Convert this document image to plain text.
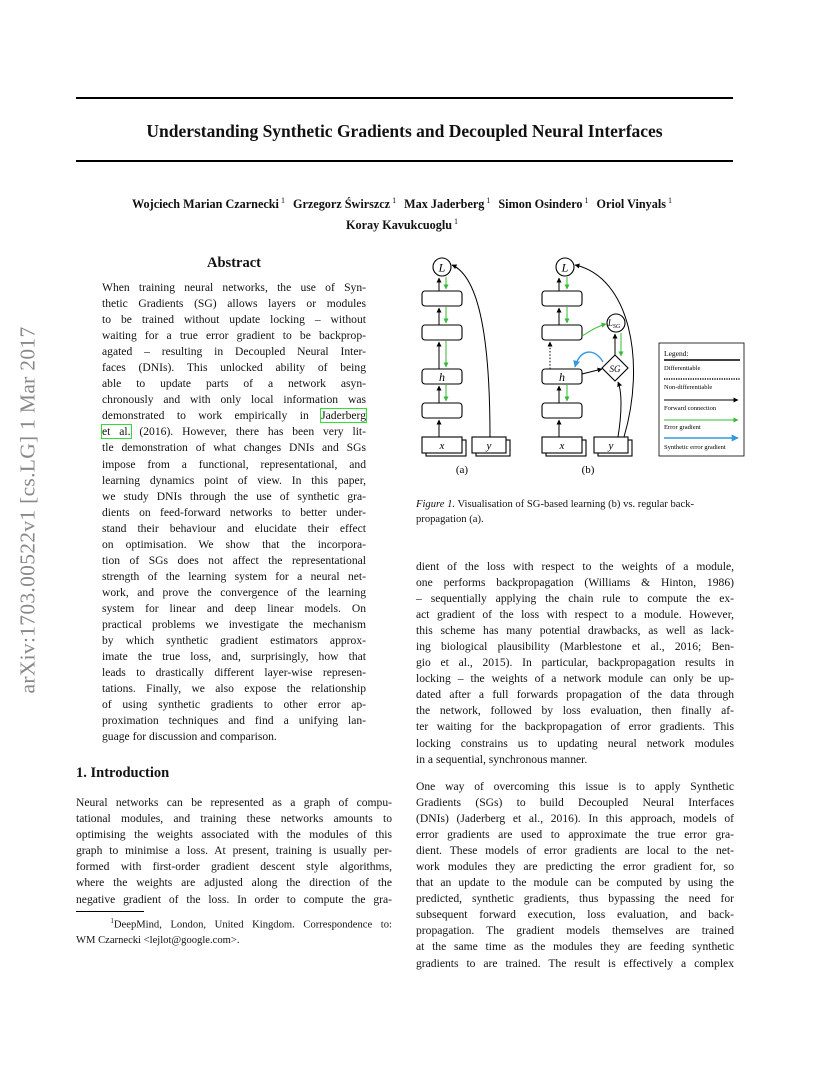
Understanding Synthetic Gradients and Decoupled Neural Interfaces
Wojciech Marian Czarnecki $^1$ Grzegorz Świrszcz $^1$ Max Jaderberg $^1$ Simon Osindero $^1$ Oriol Vinyals $^1$
Koray Kavukcuoglu $^1$
arXiv:1703.00522v1 [cs.LG] 1 Mar 2017
Abstract
When training neural networks, the use of Syn-
thetic Gradients (SG) allows layers or modules
to be trained without update locking – without
waiting for a true error gradient to be backprop-
agated – resulting in Decoupled Neural Inter-
faces (DNIs). This unlocked ability of being
able to update parts of a network asyn-
chronously and with only local information was
demonstrated to work empirically in Jaderberg
et al. (2016). However, there has been very lit-
tle demonstration of what changes DNIs and SGs
impose from a functional, representational, and
learning dynamics point of view. In this paper,
we study DNIs through the use of synthetic gra-
dients on feed-forward networks to better under-
stand their behaviour and elucidate their effect
on optimisation. We show that the incorpora-
tion of SGs does not affect the representational
strength of the learning system for a neural net-
work, and prove the convergence of the learning
system for linear and deep linear models. On
practical problems we investigate the mechanism
by which synthetic gradient estimators approx-
imate the true loss, and, surprisingly, how that
leads to drastically different layer-wise represen-
tations. Finally, we also expose the relationship
of using synthetic gradients to other error ap-
proximation techniques and find a unifying lan-
guage for discussion and comparison.
1. Introduction
Neural networks can be represented as a graph of compu-
tational modules, and training these networks amounts to
optimising the weights associated with the modules of this
graph to minimise a loss. At present, training is usually per-
formed with first-order gradient descent style algorithms,
where the weights are adjusted along the direction of the
negative gradient of the loss. In order to compute the gra-
$^1$DeepMind, London, United Kingdom. Correspondence to:
WM Czarnecki <lejlot@google.com>.
L
h
x	y
(a)
L
h
x	y
SG
$L_{SG}$
(b)
Legend:
Differentiable
Non-differentiable
Forward connection
Error gradient
Synthetic error gradient
Figure 1. Visualisation of SG-based learning (b) vs. regular back-
propagation (a).
dient of the loss with respect to the weights of a module,
one performs backpropagation (Williams & Hinton, 1986)
– sequentially applying the chain rule to compute the ex-
act gradient of the loss with respect to a module. However,
this scheme has many potential drawbacks, as well as lack-
ing biological plausibility (Marblestone et al., 2016; Ben-
gio et al., 2015). In particular, backpropagation results in
locking – the weights of a network module can only be up-
dated after a full forwards propagation of the data through
the network, followed by loss evaluation, then finally af-
ter waiting for the backpropagation of error gradients. This
locking constrains us to updating neural network modules
in a sequential, synchronous manner.
One way of overcoming this issue is to apply Synthetic
Gradients (SGs) to build Decoupled Neural Interfaces
(DNIs) (Jaderberg et al., 2016). In this approach, models of
error gradients are used to approximate the true error gra-
dient. These models of error gradients are local to the net-
work modules they are predicting the error gradient for, so
that an update to the module can be computed by using the
predicted, synthetic gradients, thus bypassing the need for
subsequent forward execution, loss evaluation, and back-
propagation. The gradient models themselves are trained
at the same time as the modules they are feeding synthetic
gradients to are trained. The result is effectively a complex
